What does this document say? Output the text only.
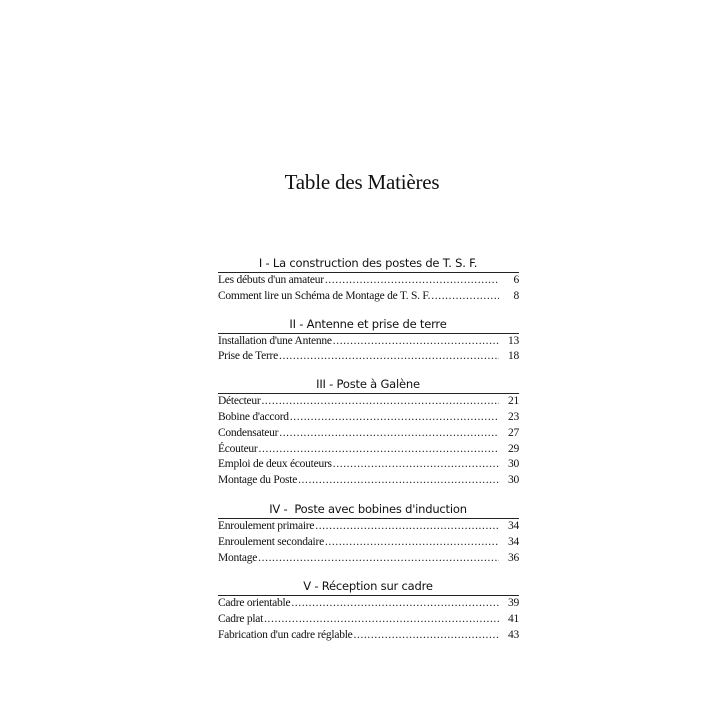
Table des Matières
I - La construction des postes de T. S. F.
Les débuts d'un amateur .....	6
Comment lire un Schéma de Montage de T. S. F. .....	8
II - Antenne et prise de terre
Installation d'une Antenne .....	13
Prise de Terre .....	18
III - Poste à Galène
Détecteur .....	21
Bobine d'accord .....	23
Condensateur .....	27
Écouteur .....	29
Emploi de deux écouteurs .....	30
Montage du Poste .....	30
IV -  Poste avec bobines d'induction
Enroulement primaire .....	34
Enroulement secondaire .....	34
Montage .....	36
V - Réception sur cadre
Cadre orientable .....	39
Cadre plat .....	41
Fabrication d'un cadre réglable .....	43
